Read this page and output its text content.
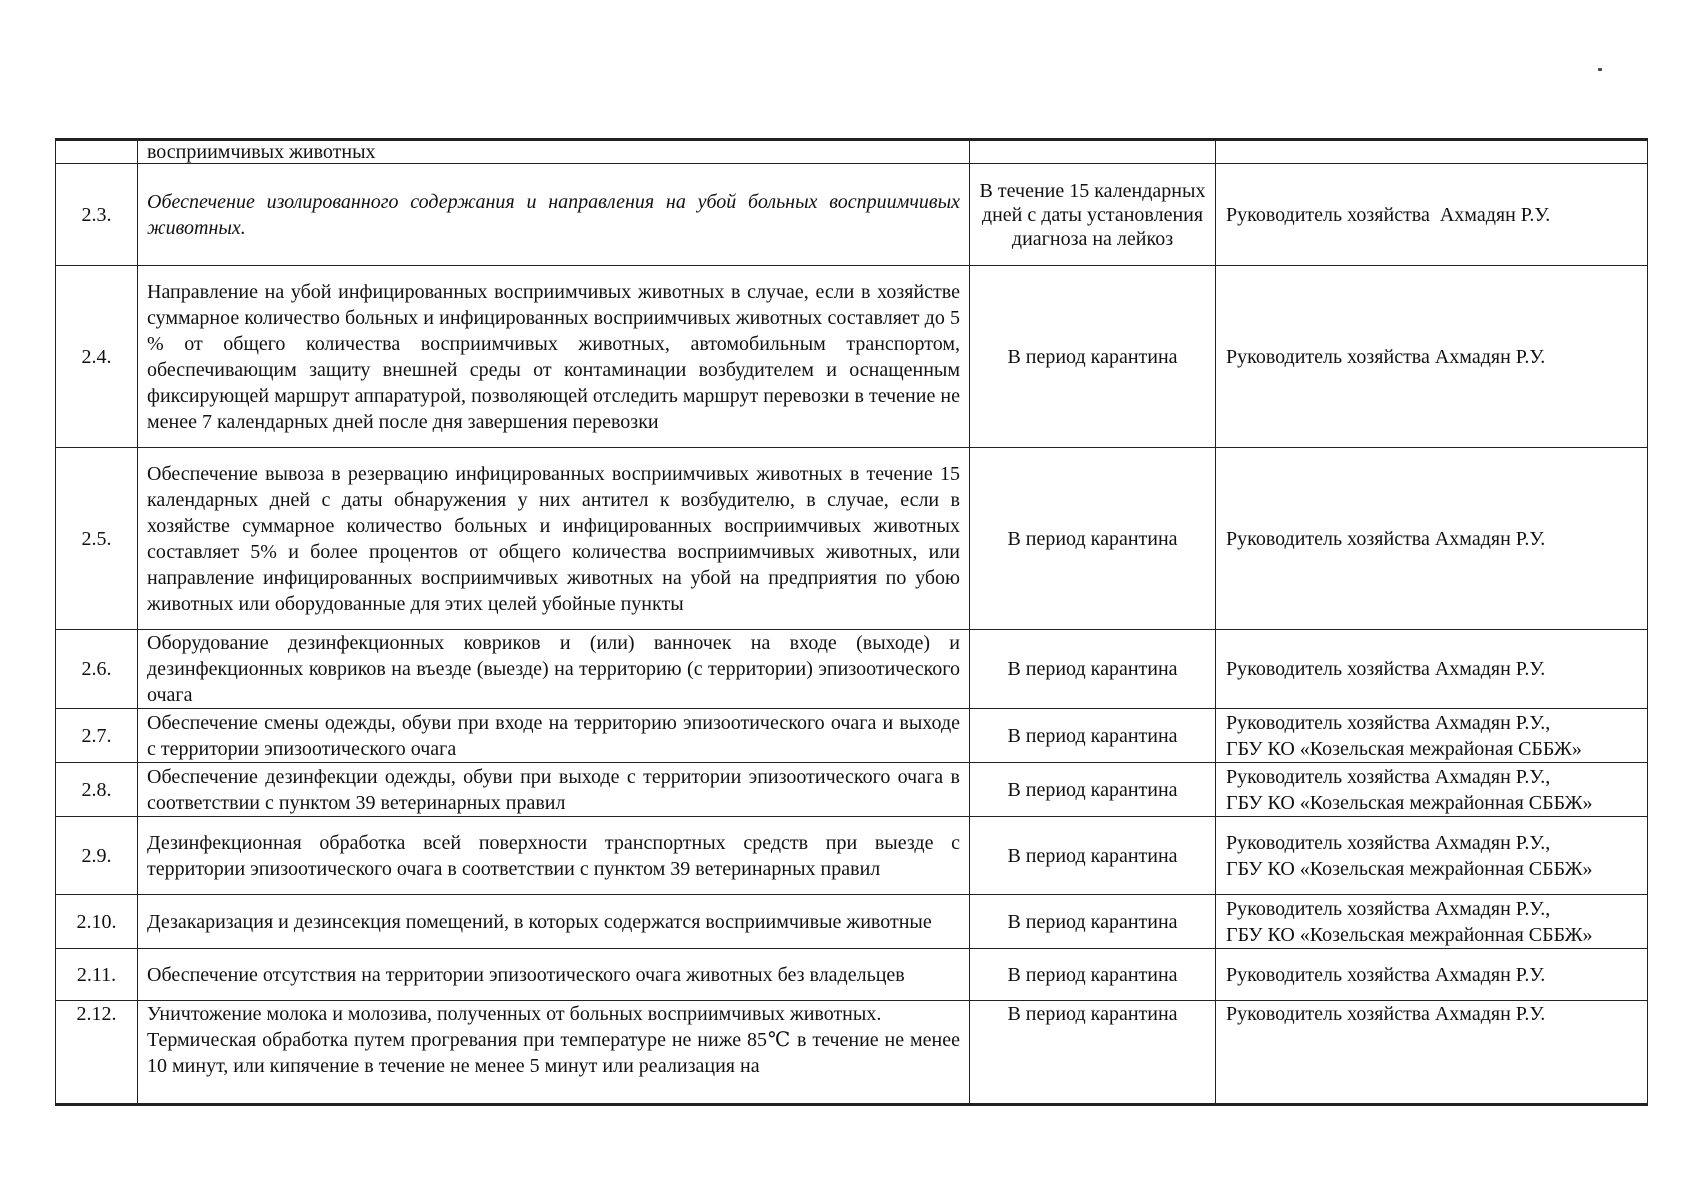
	восприимчивых животных		
2.3.	Обеспечение изолированного содержания и направления на убой больных восприимчивых животных.	В течение 15 календарных дней с даты установления диагноза на лейкоз	Руководитель хозяйства  Ахмадян Р.У.
2.4.	Направление на убой инфицированных восприимчивых животных в случае, если в хозяйстве суммарное количество больных и инфицированных восприимчивых животных составляет до 5 % от общего количества восприимчивых животных, автомобильным транспортом, обеспечивающим защиту внешней среды от контаминации возбудителем и оснащенным фиксирующей маршрут аппаратурой, позволяющей отследить маршрут перевозки в течение не менее 7 календарных дней после дня завершения перевозки	В период карантина	Руководитель хозяйства Ахмадян Р.У.
2.5.	Обеспечение вывоза в резервацию инфицированных восприимчивых животных в течение 15 календарных дней с даты обнаружения у них антител к возбудителю, в случае, если в хозяйстве суммарное количество больных и инфицированных восприимчивых животных составляет 5% и более процентов от общего количества восприимчивых животных, или направление инфицированных восприимчивых животных на убой на предприятия по убою животных или оборудованные для этих целей убойные пункты	В период карантина	Руководитель хозяйства Ахмадян Р.У.
2.6.	Оборудование дезинфекционных ковриков и (или) ванночек на входе (выходе) и дезинфекционных ковриков на въезде (выезде) на территорию (с территории) эпизоотического очага	В период карантина	Руководитель хозяйства Ахмадян Р.У.
2.7.	Обеспечение смены одежды, обуви при входе на территорию эпизоотического очага и выходе с территории эпизоотического очага	В период карантина	Руководитель хозяйства Ахмадян Р.У.,
ГБУ КО «Козельская межрайоная СББЖ»

2.8.	Обеспечение дезинфекции одежды, обуви при выходе с территории эпизоотического очага в соответствии с пунктом 39 ветеринарных правил	В период карантина	Руководитель хозяйства Ахмадян Р.У.,
ГБУ КО «Козельская межрайонная СББЖ»

2.9.	Дезинфекционная обработка всей поверхности транспортных средств при выезде с территории эпизоотического очага в соответствии с пунктом 39 ветеринарных правил	В период карантина	Руководитель хозяйства Ахмадян Р.У.,
ГБУ КО «Козельская межрайонная СББЖ»

2.10.	Дезакаризация и дезинсекция помещений, в которых содержатся восприимчивые животные	В период карантина	Руководитель хозяйства Ахмадян Р.У.,
ГБУ КО «Козельская межрайонная СББЖ»

2.11.	Обеспечение отсутствия на территории эпизоотического очага животных без владельцев	В период карантина	Руководитель хозяйства Ахмадян Р.У.
2.12.	Уничтожение молока и молозива, полученных от больных восприимчивых животных.

Термическая обработка путем прогревания при температуре не ниже 85℃ в течение не менее 10 минут, или кипячение в течение не менее 5 минут или реализация на	В период карантина	Руководитель хозяйства Ахмадян Р.У.
